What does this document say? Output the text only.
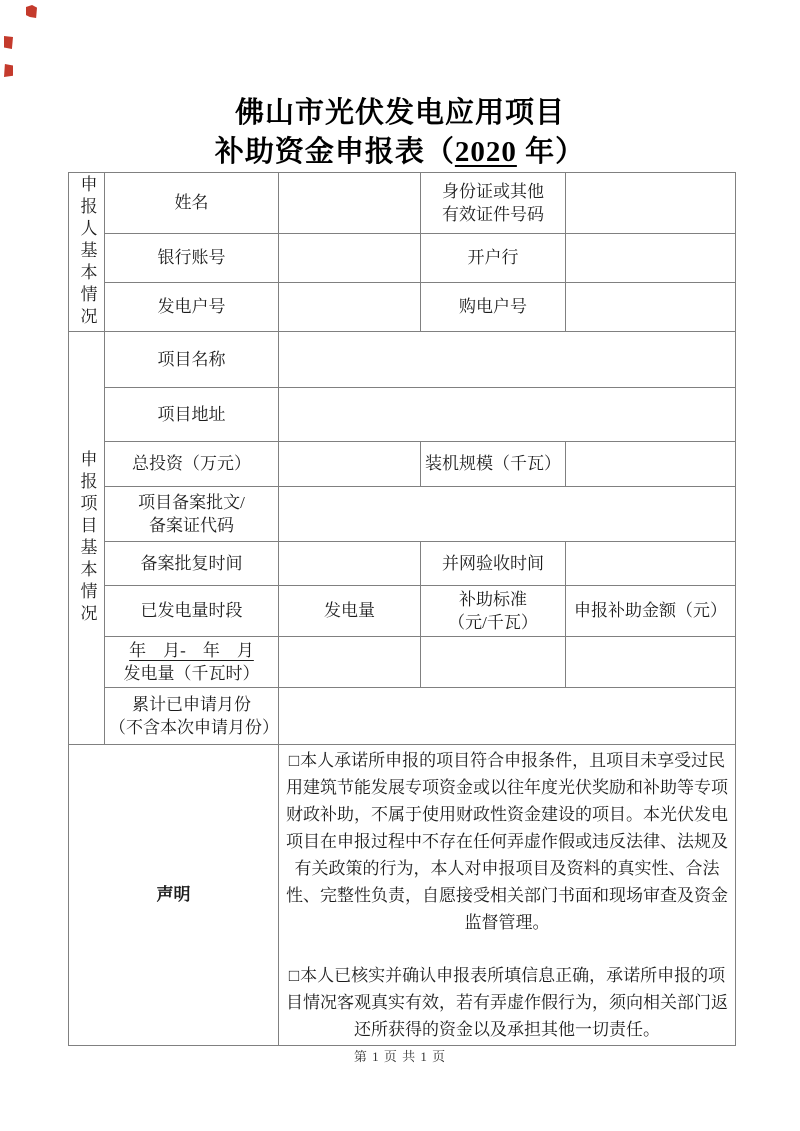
佛山市光伏发电应用项目
补助资金申报表（2020 年）
申报人基本情况	姓名		身份证或其他
有效证件号码	

	银行账号		开户行	
	发电户号		购电户号	
申报项目基本情况	项目名称			
	项目地址			
	总投资（万元）		装机规模（千瓦）	

	项目备案批文/
备案证代码			

	备案批复时间		并网验收时间	
	已发电量时段	发电量	补助标准
（元/千瓦）	申报补助金额（元）

	年　月-　年　月
发电量（千瓦时）			

	累计已申请月份
（不含本次申请月份）			

声明		□本人承诺所申报的项目符合申报条件，且项目未享受过民用建筑节能发展专项资金或以往年度光伏奖励和补助等专项财政补助，不属于使用财政性资金建设的项目。本光伏发电项目在申报过程中不存在任何弄虚作假或违反法律、法规及有关政策的行为，本人对申报项目及资料的真实性、合法性、完整性负责，自愿接受相关部门书面和现场审查及资金监督管理。

□本人已核实并确认申报表所填信息正确，承诺所申报的项目情况客观真实有效，若有弄虚作假行为，须向相关部门返还所获得的资金以及承担其他一切责任。		

第 1 页 共 1 页
